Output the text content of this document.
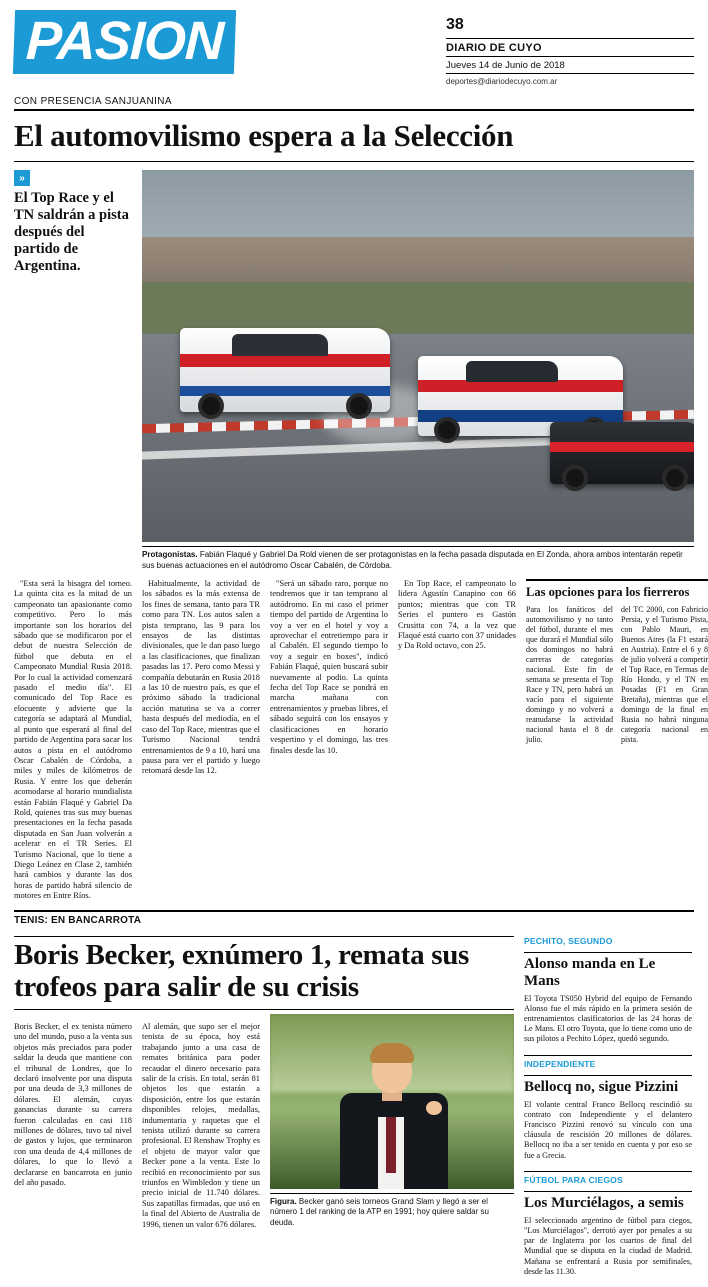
PASION	38
DIARIO DE CUYO
Jueves 14 de Junio de 2018
deportes@diariodecuyo.com.ar
CON PRESENCIA SANJUANINA
El automovilismo espera a la Selección
»
El Top Race y el TN saldrán a pista después del partido de Argentina.
Protagonistas. Fabián Flaqué y Gabriel Da Rold vienen de ser protagonistas en la fecha pasada disputada en El Zonda, ahora ambos intentarán repetir sus buenas actuaciones en el autódromo Oscar Cabalén, de Córdoba.

"Esta será la bisagra del torneo. La quinta cita es la mitad de un campeonato tan apasionante como competitivo. Pero lo más importante son los horarios del sábado que se modificaron por el debut de nuestra Selección de fútbol que debuta en el Campeonato Mundial Rusia 2018. Por lo cual la actividad comenzará pasado el medio día". El comunicado del Top Race es elocuente y advierte que la categoría se adaptará al Mundial, al punto que esperará al final del partido de Argentina para sacar los autos a pista en el autódromo Oscar Cabalén de Córdoba, a miles y miles de kilómetros de Rusia. Y entre los que deberán acomodarse al horario mundialista están Fabián Flaqué y Gabriel Da Rold, quienes tras sus muy buenas presentaciones en la fecha pasada disputada en San Juan volverán a acelerar en el TR Series. El Turismo Nacional, que lo tiene a Diego Leánez en Clase 2, también hará cambios y durante las dos horas de partido habrá silencio de motores en Entre Ríos.

Habitualmente, la actividad de los sábados es la más extensa de los fines de semana, tanto para TR como para TN. Los autos salen a pista temprano, las 9 para los ensayos de las distintas divisionales, que le dan paso luego a las clasificaciones, que finalizan pasadas las 17. Pero como Messi y compañía debutarán en Rusia 2018 a las 10 de nuestro país, es que el próximo sábado la tradicional acción matutina se va a correr hasta después del mediodía, en el caso del Top Race, mientras que el Turismo Nacional tendrá entrenamientos de 9 a 10, hará una pausa para ver el partido y luego retomará desde las 12.

"Será un sábado raro, porque no tendremos que ir tan temprano al autódromo. En mi caso el primer tiempo del partido de Argentina lo voy a ver en el hotel y voy a aprovechar el entretiempo para ir al Cabalén. El segundo tiempo lo voy a seguir en boxes", indicó Fabián Flaqué, quien buscará subir nuevamente al podio. La quinta fecha del Top Race se pondrá en marcha mañana con entrenamientos y pruebas libres, el sábado seguirá con los ensayos y clasificaciones en horario vespertino y el domingo, las tres finales desde las 10.

En Top Race, el campeonato lo lidera Agustín Canapino con 66 puntos; mientras que con TR Series el puntero es Gastón Crusitta con 74, a la vez que Flaqué está cuarto con 37 unidades y Da Rold octavo, con 25.

Las opciones para los fierreros
Para los fanáticos del automovilismo y no tanto del fútbol, durante el mes que durará el Mundial sólo dos domingos no habrá carreras de categorías nacional. Este fin de semana se presenta el Top Race y TN, pero habrá un vacío para el siguiente domingo y no volverá a reanudarse la actividad nacional hasta el 8 de julio.
del TC 2000, con Fabricio Persia, y el Turismo Pista, con Pablo Mauri, en Buenos Aires (la F1 estará en Austria). Entre el 6 y 8 de julio volverá a competir el Top Race, en Termas de Río Hondo, y el TN en Posadas (F1 en Gran Bretaña), mientras que el domingo de la final en Rusia no habrá ninguna categoría nacional en pista.
TENIS: EN BANCARROTA
Boris Becker, exnúmero 1, remata sus trofeos para salir de su crisis

Boris Becker, el ex tenista número uno del mundo, puso a la venta sus objetos más preciados para poder saldar la deuda que mantiene con el tribunal de Londres, que lo declaró insolvente por una disputa por una deuda de 3,3 millones de dólares. El alemán, cuyas ganancias durante su carrera fueron calculadas en casi 118 millones de dólares, tuvo tal nivel de gastos y lujos, que terminaron con una deuda de 4,4 millones de dólares, lo que lo llevó a declararse en bancarrota en junio del año pasado.

Al alemán, que supo ser el mejor tenista de su época, hoy está trabajando junto a una casa de remates británica para poder recaudar el dinero necesario para salir de la crisis. En total, serán 81 objetos los que estarán a disposición, entre los que estarán disponibles relojes, medallas, indumentaria y raquetas que el tenista utilizó durante su carrera profesional. El Renshaw Trophy es el objeto de mayor valor que Becker pone a la venta. Este lo recibió en reconocimiento por sus triunfos en Wimbledon y tiene un precio inicial de 11.740 dólares. Sus zapatillas firmadas, que usó en la final del Abierto de Australia de 1996, tienen un valor 676 dólares.

Figura. Becker ganó seis torneos Grand Slam y llegó a ser el número 1 del ranking de la ATP en 1991; hoy quiere saldar su deuda.
PECHITO, SEGUNDO
Alonso manda en Le Mans
El Toyota TS050 Hybrid del equipo de Fernando Alonso fue el más rápido en la primera sesión de entrenamientos clasificatorios de las 24 horas de Le Mans. El otro Toyota, que lo tiene como uno de sus pilotos a Pechito López, quedó segundo.
INDEPENDIENTE
Bellocq no, sigue Pizzini
El volante central Franco Bellocq rescindió su contrato con Independiente y el delantero Francisco Pizzini renovó su vínculo con una cláusula de rescisión 20 millones de dólares. Bellocq no iba a ser tenido en cuenta y por eso se fue a Grecia.
FÚTBOL PARA CIEGOS
Los Murciélagos, a semis
El seleccionado argentino de fútbol para ciegos, "Los Murciélagos", derrotó ayer por penales a su par de Inglaterra por los cuartos de final del Mundial que se disputa en la ciudad de Madrid. Mañana se enfrentará a Rusia por semifinales, desde las 11.30.
